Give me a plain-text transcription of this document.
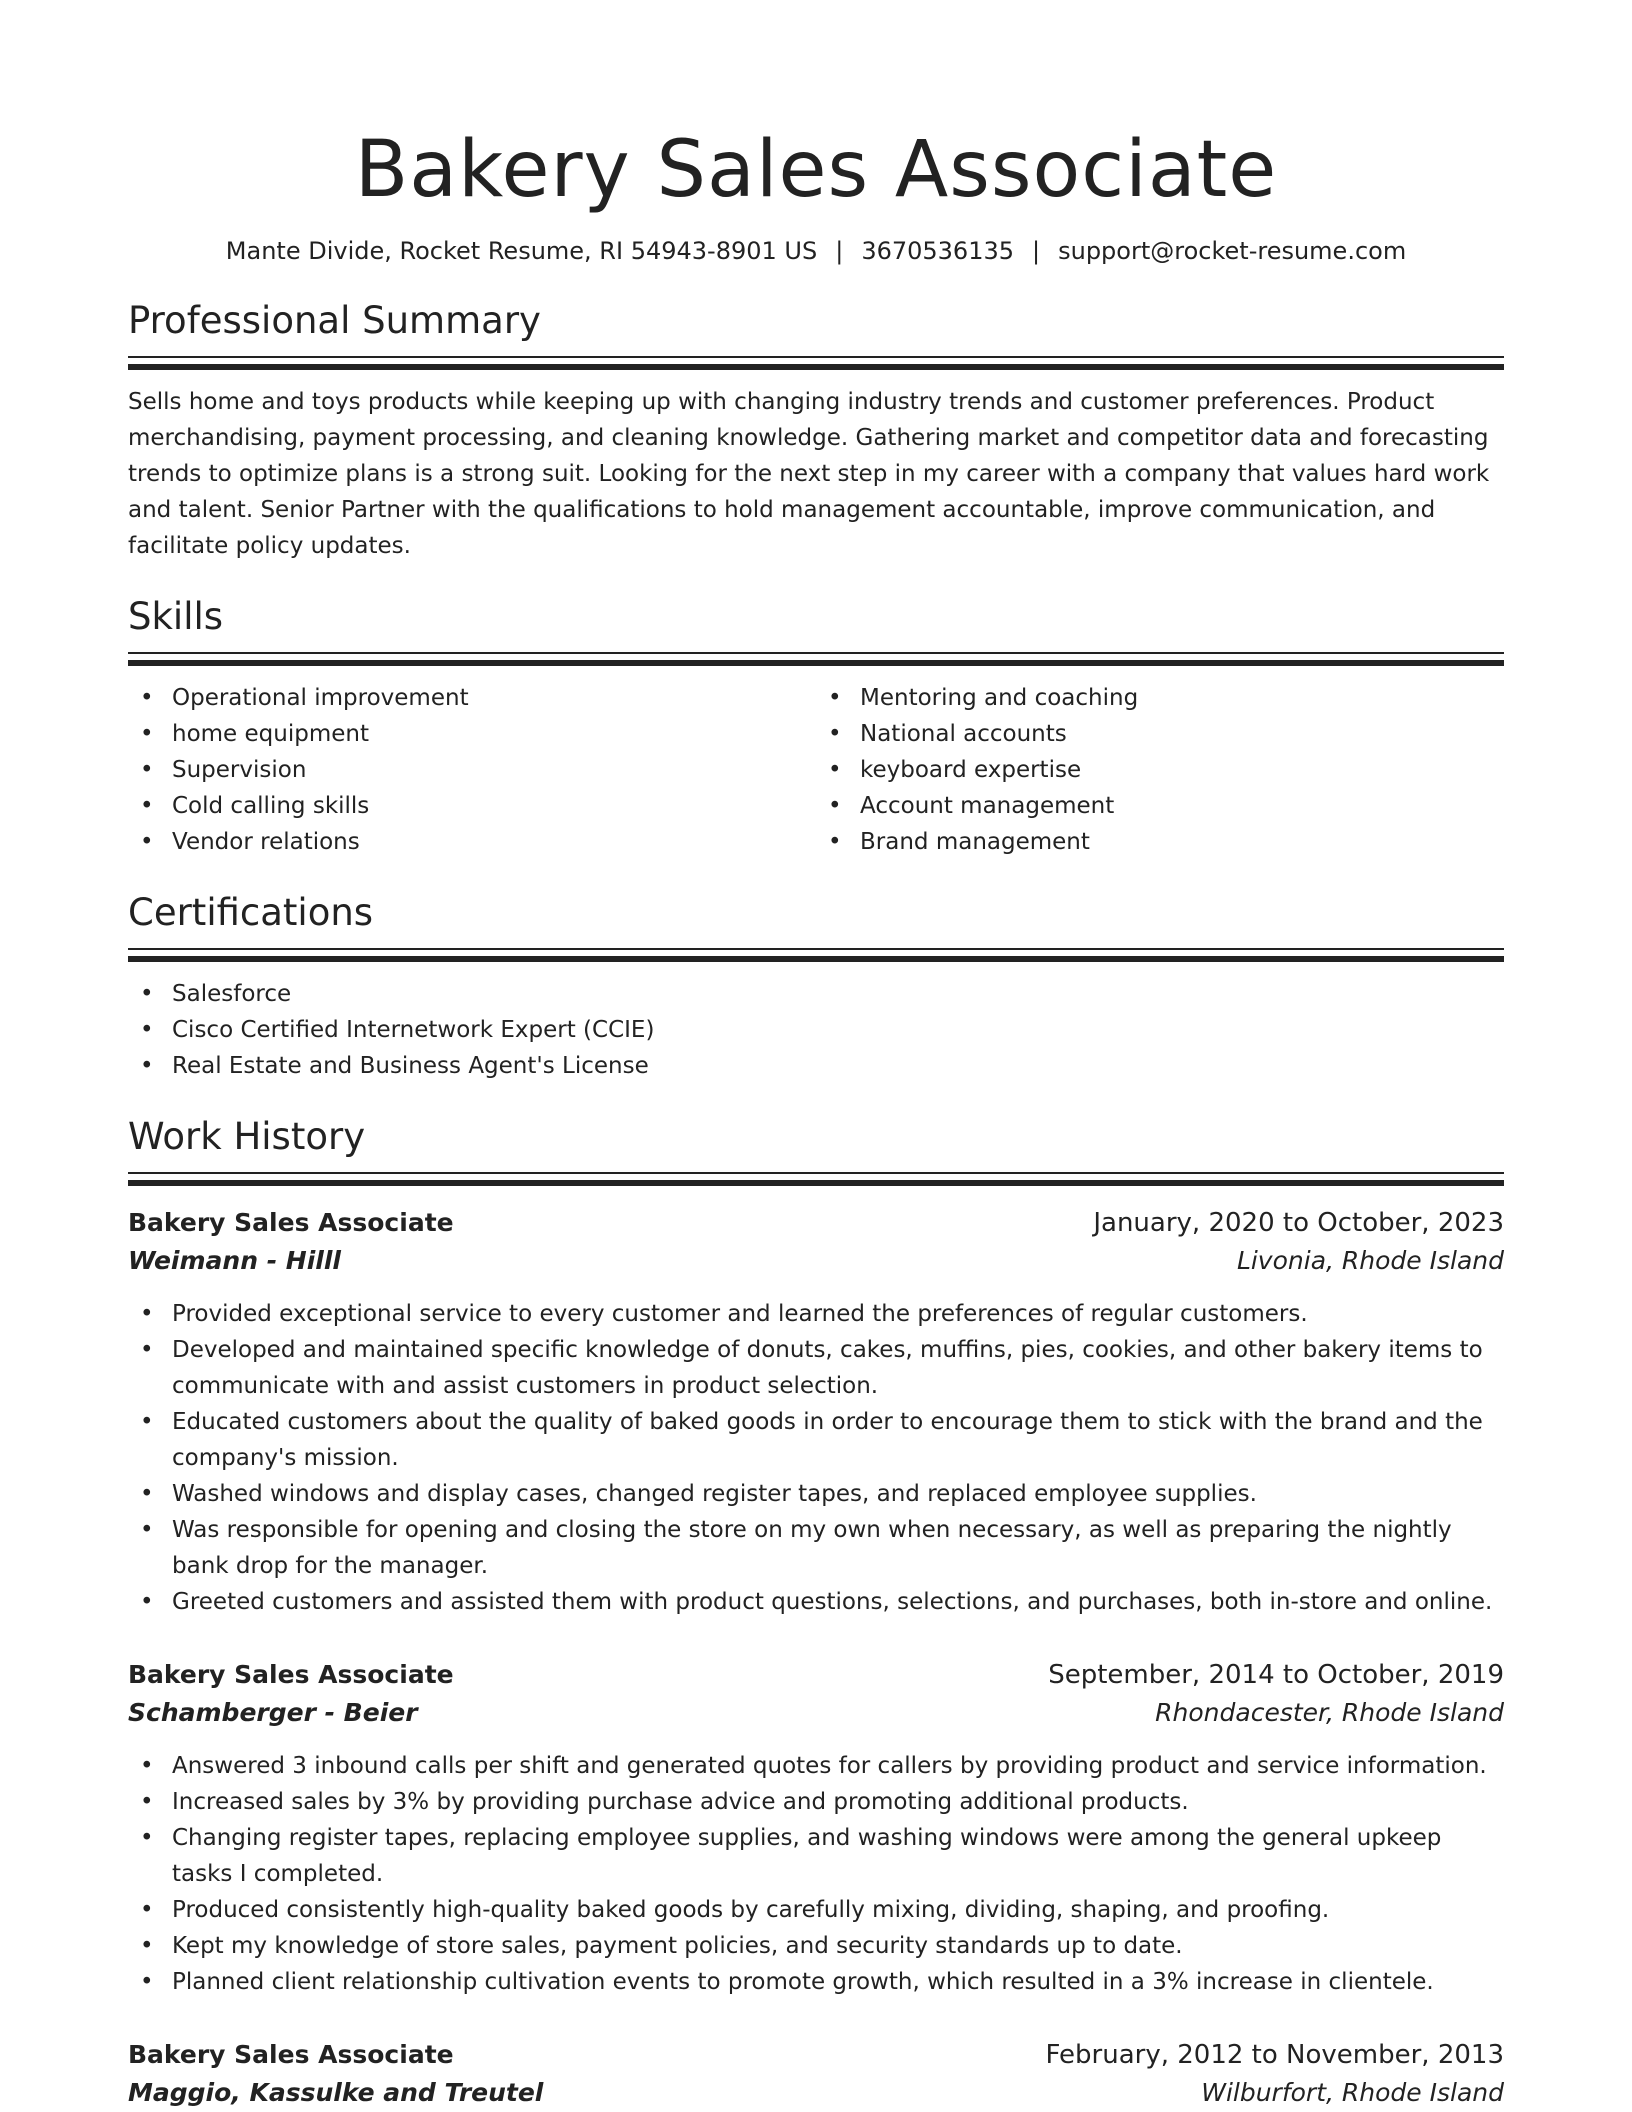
Bakery Sales Associate
Mante Divide, Rocket Resume, RI 54943-8901 US | 3670536135 | support@rocket-resume.com
Professional Summary

Sells home and toys products while keeping up with changing industry trends and customer preferences. Product merchandising, payment processing, and cleaning knowledge. Gathering market and competitor data and forecasting trends to optimize plans is a strong suit. Looking for the next step in my career with a company that values hard work and talent. Senior Partner with the qualifications to hold management accountable, improve communication, and facilitate policy updates.

Skills
• Operational improvement
• home equipment
• Supervision
• Cold calling skills
• Vendor relations
• Mentoring and coaching
• National accounts
• keyboard expertise
• Account management
• Brand management
Certifications
• Salesforce
• Cisco Certified Internetwork Expert (CCIE)
• Real Estate and Business Agent's License
Work History
Bakery Sales Associate	January, 2020 to October, 2023
Weimann - Hilll	Livonia, Rhode Island
• Provided exceptional service to every customer and learned the preferences of regular customers.
• Developed and maintained specific knowledge of donuts, cakes, muffins, pies, cookies, and other bakery items to communicate with and assist customers in product selection.
• Educated customers about the quality of baked goods in order to encourage them to stick with the brand and the company's mission.
• Washed windows and display cases, changed register tapes, and replaced employee supplies.
• Was responsible for opening and closing the store on my own when necessary, as well as preparing the nightly bank drop for the manager.
• Greeted customers and assisted them with product questions, selections, and purchases, both in-store and online.
Bakery Sales Associate	September, 2014 to October, 2019
Schamberger - Beier	Rhondacester, Rhode Island
• Answered 3 inbound calls per shift and generated quotes for callers by providing product and service information.
• Increased sales by 3% by providing purchase advice and promoting additional products.
• Changing register tapes, replacing employee supplies, and washing windows were among the general upkeep tasks I completed.
• Produced consistently high-quality baked goods by carefully mixing, dividing, shaping, and proofing.
• Kept my knowledge of store sales, payment policies, and security standards up to date.
• Planned client relationship cultivation events to promote growth, which resulted in a 3% increase in clientele.
Bakery Sales Associate	February, 2012 to November, 2013
Maggio, Kassulke and Treutel	Wilburfort, Rhode Island
